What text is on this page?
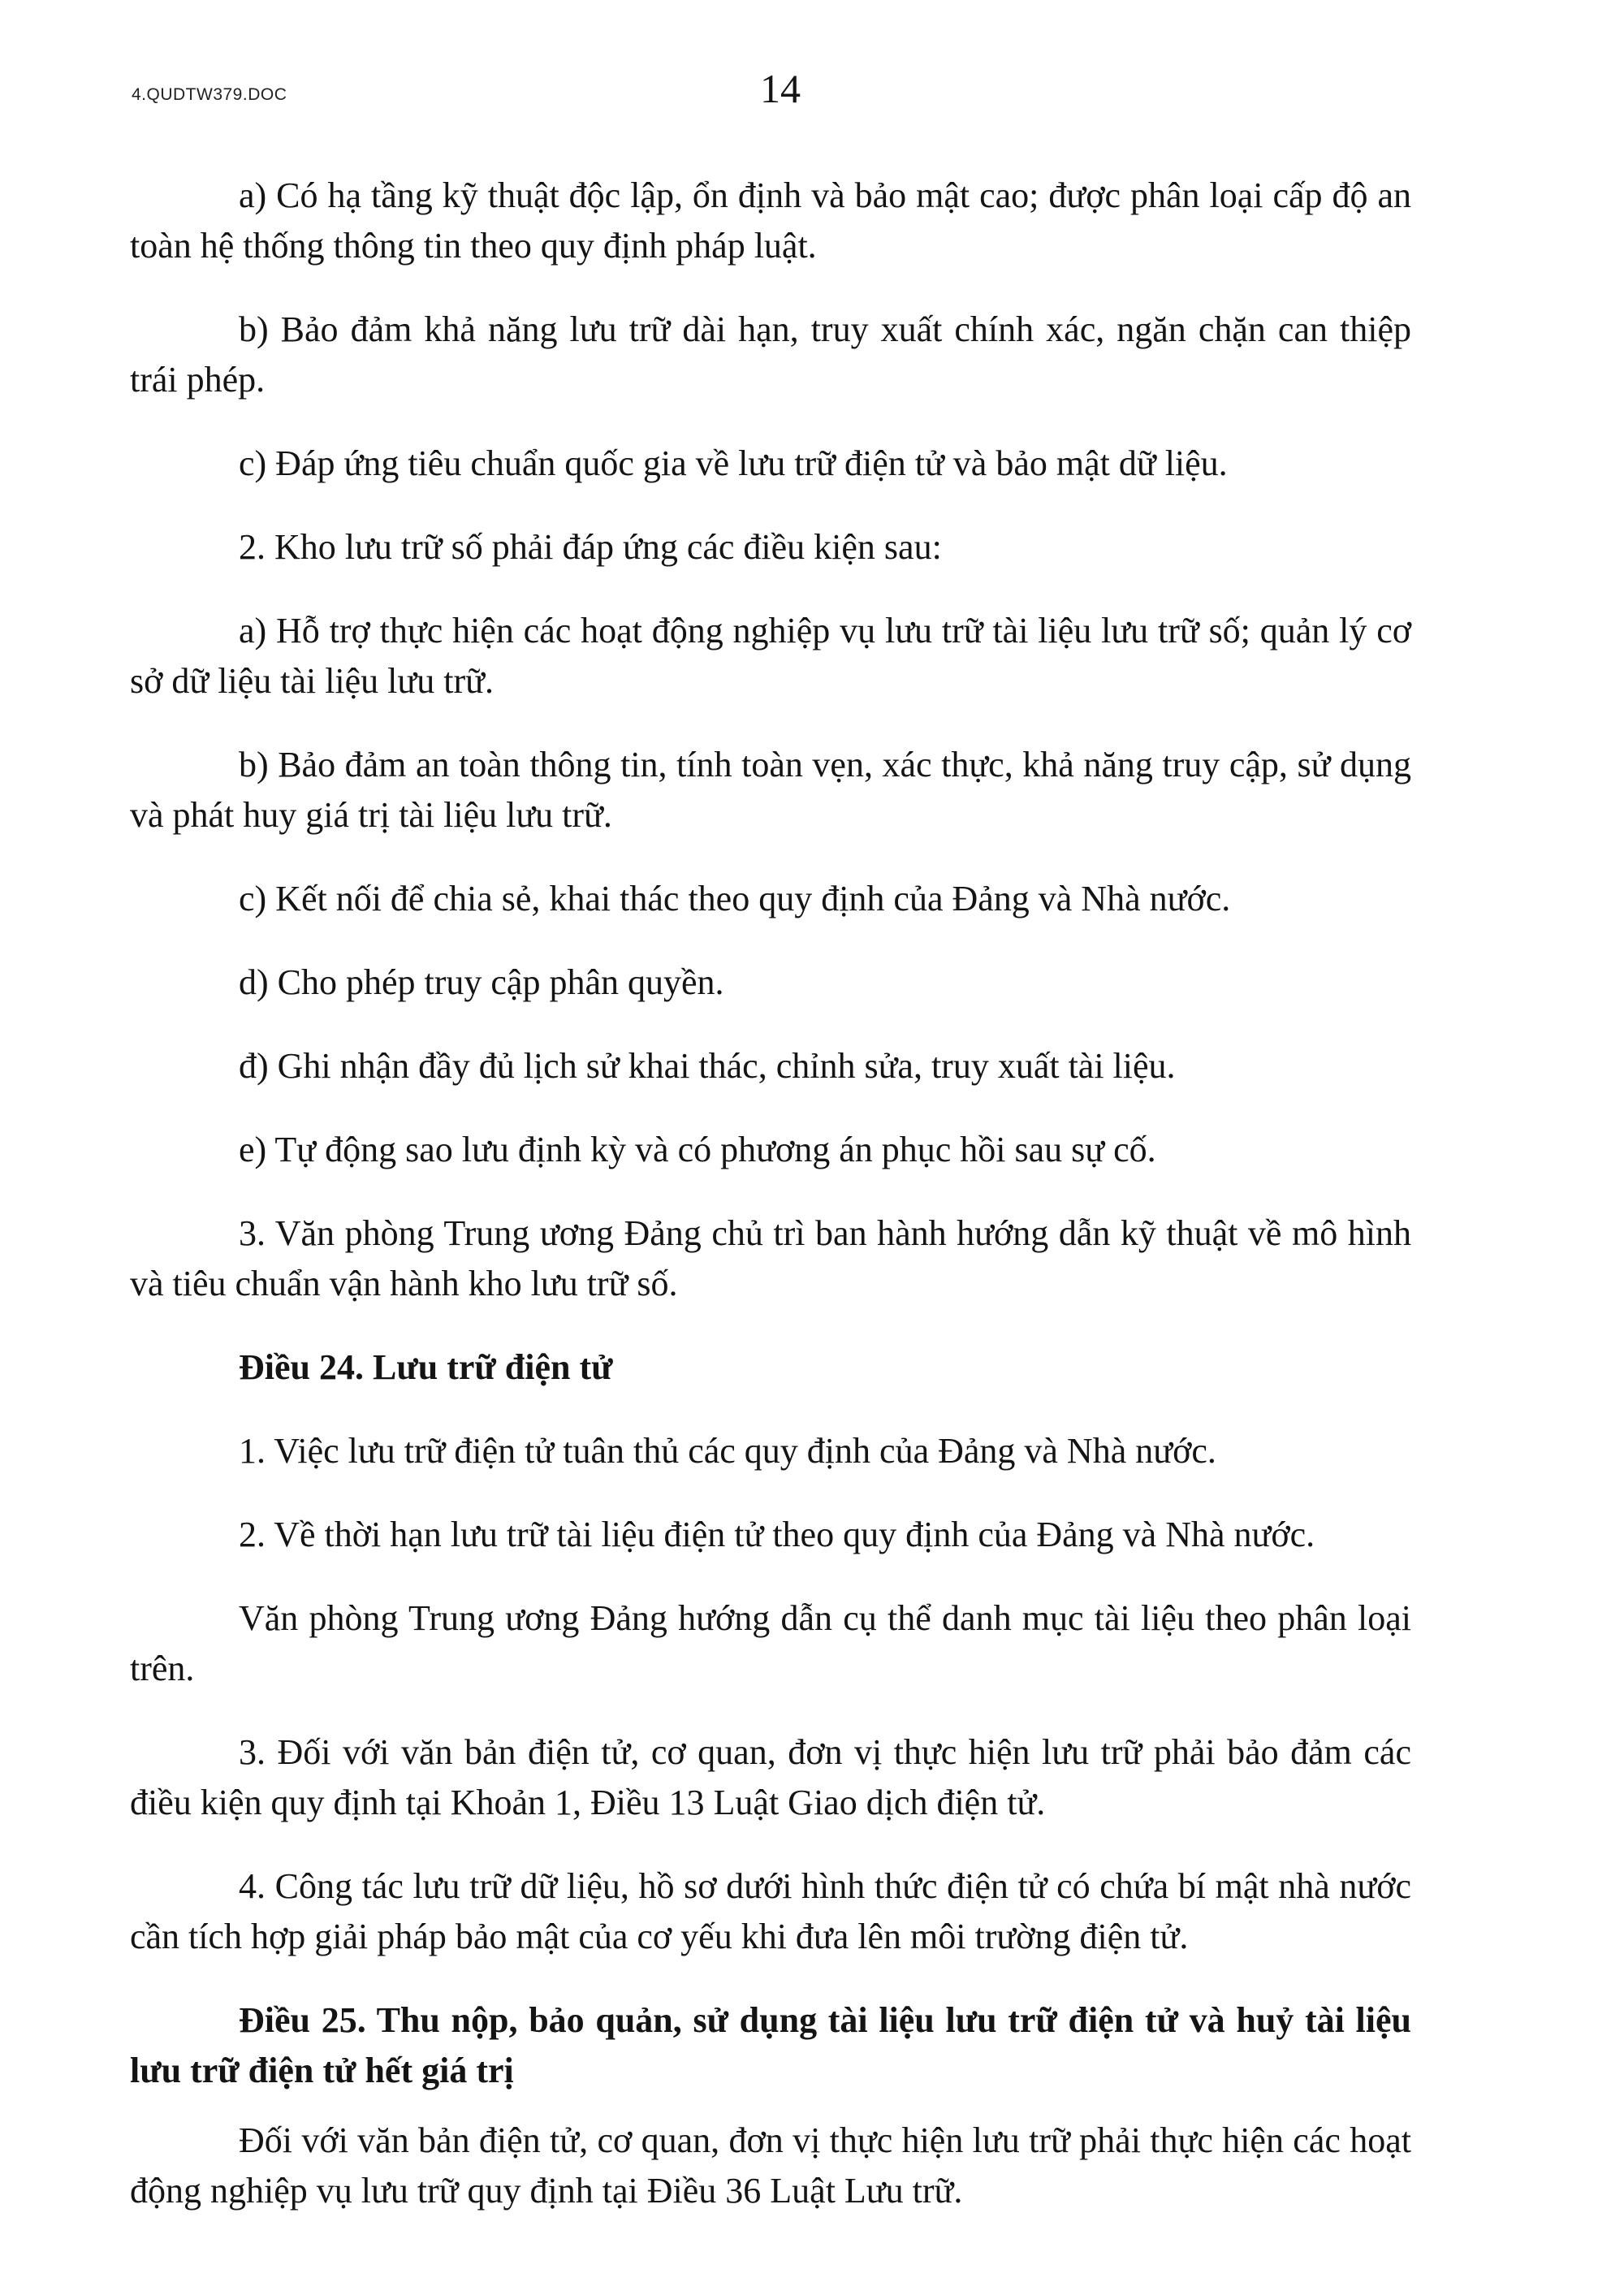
4.QUDTW379.DOC	14

a) Có hạ tầng kỹ thuật độc lập, ổn định và bảo mật cao; được phân loại cấp độ an toàn hệ thống thông tin theo quy định pháp luật.

b) Bảo đảm khả năng lưu trữ dài hạn, truy xuất chính xác, ngăn chặn can thiệp trái phép.

c) Đáp ứng tiêu chuẩn quốc gia về lưu trữ điện tử và bảo mật dữ liệu.

2. Kho lưu trữ số phải đáp ứng các điều kiện sau:

a) Hỗ trợ thực hiện các hoạt động nghiệp vụ lưu trữ tài liệu lưu trữ số; quản lý cơ sở dữ liệu tài liệu lưu trữ.

b) Bảo đảm an toàn thông tin, tính toàn vẹn, xác thực, khả năng truy cập, sử dụng và phát huy giá trị tài liệu lưu trữ.

c) Kết nối để chia sẻ, khai thác theo quy định của Đảng và Nhà nước.

d) Cho phép truy cập phân quyền.

đ) Ghi nhận đầy đủ lịch sử khai thác, chỉnh sửa, truy xuất tài liệu.

e) Tự động sao lưu định kỳ và có phương án phục hồi sau sự cố.

3. Văn phòng Trung ương Đảng chủ trì ban hành hướng dẫn kỹ thuật về mô hình và tiêu chuẩn vận hành kho lưu trữ số.

Điều 24. Lưu trữ điện tử

1. Việc lưu trữ điện tử tuân thủ các quy định của Đảng và Nhà nước.

2. Về thời hạn lưu trữ tài liệu điện tử theo quy định của Đảng và Nhà nước.

Văn phòng Trung ương Đảng hướng dẫn cụ thể danh mục tài liệu theo phân loại trên.

3. Đối với văn bản điện tử, cơ quan, đơn vị thực hiện lưu trữ phải bảo đảm các điều kiện quy định tại Khoản 1, Điều 13 Luật Giao dịch điện tử.

4. Công tác lưu trữ dữ liệu, hồ sơ dưới hình thức điện tử có chứa bí mật nhà nước cần tích hợp giải pháp bảo mật của cơ yếu khi đưa lên môi trường điện tử.

Điều 25. Thu nộp, bảo quản, sử dụng tài liệu lưu trữ điện tử và huỷ tài liệu lưu trữ điện tử hết giá trị

Đối với văn bản điện tử, cơ quan, đơn vị thực hiện lưu trữ phải thực hiện các hoạt động nghiệp vụ lưu trữ quy định tại Điều 36 Luật Lưu trữ.
